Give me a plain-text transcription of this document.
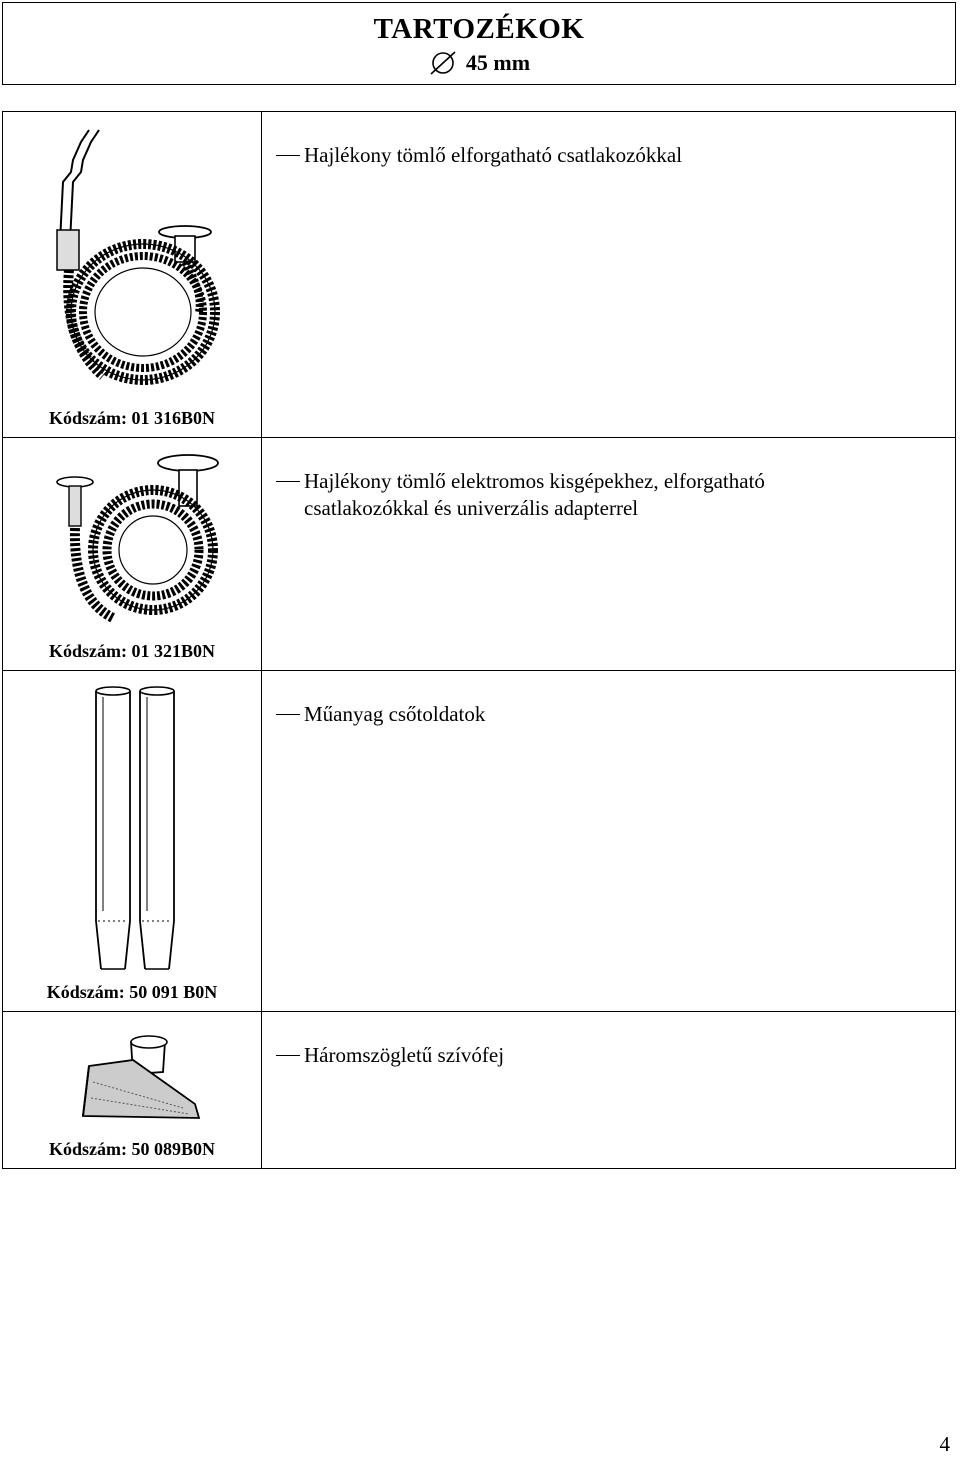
TARTOZÉKOK
45 mm
Kódszám: 01 316B0N	Hajlékony tömlő elforgatható csatlakozókkal

Kódszám: 01 321B0N	Hajlékony tömlő elektromos kisgépekhez, elforgatható csatlakozókkal és univerzális adapterrel

Kódszám: 50 091 B0N	Műanyag csőtoldatok

Kódszám: 50 089B0N	Háromszögletű szívófej
4
